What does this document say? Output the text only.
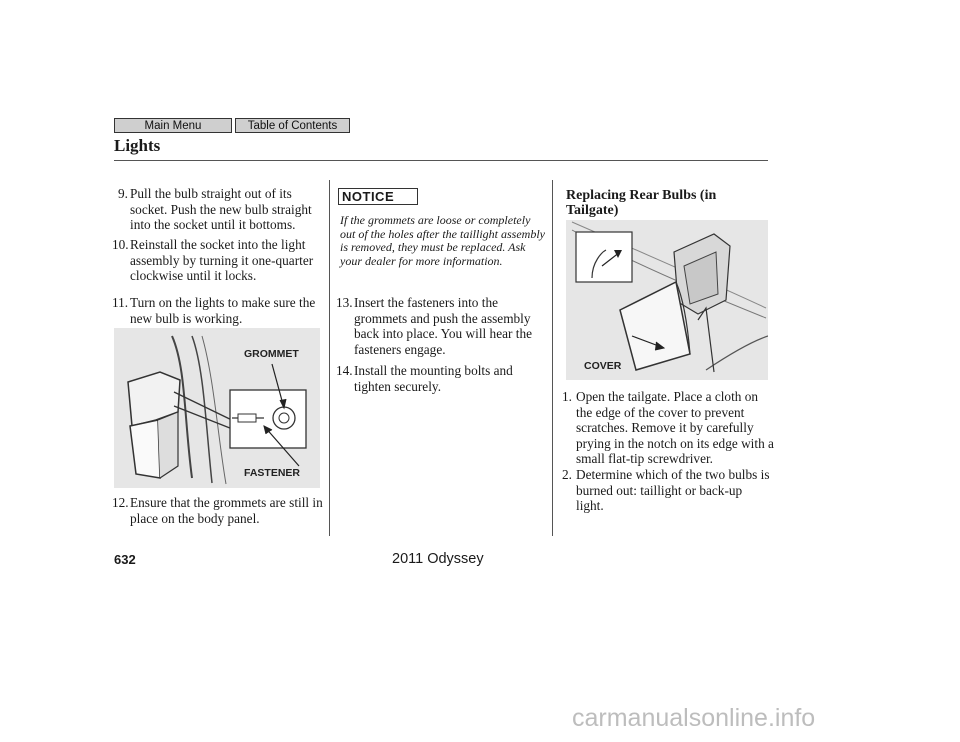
Main Menu	Table of Contents
Lights
9. Pull the bulb straight out of its socket. Push the new bulb straight into the socket until it bottoms.
10. Reinstall the socket into the light assembly by turning it one-quarter clockwise until it locks.
11. Turn on the lights to make sure the new bulb is working.
GROMMET
FASTENER
12. Ensure that the grommets are still in place on the body panel.
NOTICE
If the grommets are loose or completely out of the holes after the taillight assembly is removed, they must be replaced. Ask your dealer for more information.
13. Insert the fasteners into the grommets and push the assembly back into place. You will hear the fasteners engage.
14. Install the mounting bolts and tighten securely.
Replacing Rear Bulbs (in Tailgate)
COVER
1. Open the tailgate. Place a cloth on the edge of the cover to prevent scratches. Remove it by carefully prying in the notch on its edge with a small flat-tip screwdriver.
2. Determine which of the two bulbs is burned out: taillight or back-up light.
632	2011 Odyssey
carmanualsonline.info
